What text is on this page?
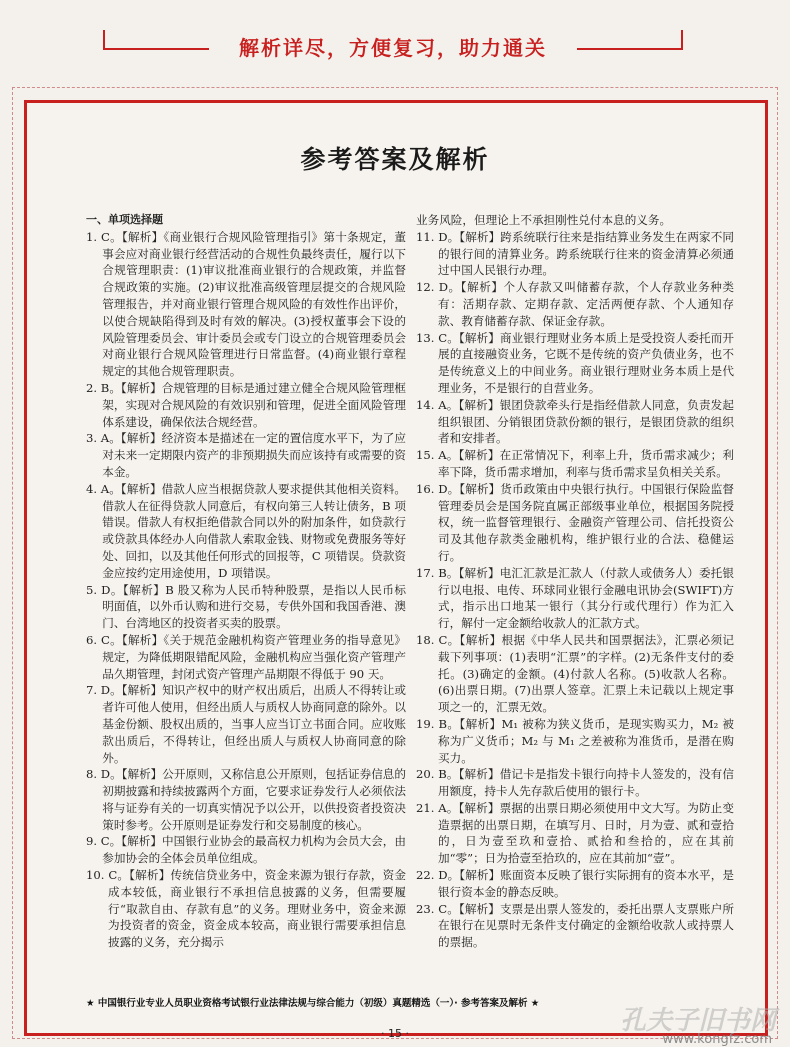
解析详尽，方便复习，助力通关
参考答案及解析
一、单项选择题
1. C。【解析】《商业银行合规风险管理指引》第十条规定，董事会应对商业银行经营活动的合规性负最终责任，履行以下合规管理职责：(1)审议批准商业银行的合规政策，并监督合规政策的实施。(2)审议批准高级管理层提交的合规风险管理报告，并对商业银行管理合规风险的有效性作出评价，以使合规缺陷得到及时有效的解决。(3)授权董事会下设的风险管理委员会、审计委员会或专门设立的合规管理委员会对商业银行合规风险管理进行日常监督。(4)商业银行章程规定的其他合规管理职责。
2. B。【解析】合规管理的目标是通过建立健全合规风险管理框架，实现对合规风险的有效识别和管理，促进全面风险管理体系建设，确保依法合规经营。
3. A。【解析】经济资本是描述在一定的置信度水平下，为了应对未来一定期限内资产的非预期损失而应该持有或需要的资本金。
4. A。【解析】借款人应当根据贷款人要求提供其他相关资料。借款人在征得贷款人同意后，有权向第三人转让债务，B 项错误。借款人有权拒绝借款合同以外的附加条件，如贷款行或贷款具体经办人向借款人索取金钱、财物或免费服务等好处、回扣，以及其他任何形式的回报等，C 项错误。贷款资金应按约定用途使用，D 项错误。
5. D。【解析】B 股又称为人民币特种股票，是指以人民币标明面值，以外币认购和进行交易，专供外国和我国香港、澳门、台湾地区的投资者买卖的股票。
6. C。【解析】《关于规范金融机构资产管理业务的指导意见》规定，为降低期限错配风险，金融机构应当强化资产管理产品久期管理，封闭式资产管理产品期限不得低于 90 天。
7. D。【解析】知识产权中的财产权出质后，出质人不得转让或者许可他人使用，但经出质人与质权人协商同意的除外。以基金份额、股权出质的，当事人应当订立书面合同。应收账款出质后，不得转让，但经出质人与质权人协商同意的除外。
8. D。【解析】公开原则，又称信息公开原则，包括证券信息的初期披露和持续披露两个方面，它要求证券发行人必须依法将与证券有关的一切真实情况予以公开，以供投资者投资决策时参考。公开原则是证券发行和交易制度的核心。
9. C。【解析】中国银行业协会的最高权力机构为会员大会，由参加协会的全体会员单位组成。
10. C。【解析】传统信贷业务中，资金来源为银行存款，资金成本较低，商业银行不承担信息披露的义务，但需要履行“取款自由、存款有息”的义务。理财业务中，资金来源为投资者的资金，资金成本较高，商业银行需要承担信息披露的义务，充分揭示
业务风险，但理论上不承担刚性兑付本息的义务。
11. D。【解析】跨系统联行往来是指结算业务发生在两家不同的银行间的清算业务。跨系统联行往来的资金清算必须通过中国人民银行办理。
12. D。【解析】个人存款又叫储蓄存款，个人存款业务种类有：活期存款、定期存款、定活两便存款、个人通知存款、教育储蓄存款、保证金存款。
13. C。【解析】商业银行理财业务本质上是受投资人委托而开展的直接融资业务，它既不是传统的资产负债业务，也不是传统意义上的中间业务。商业银行理财业务本质上是代理业务，不是银行的自营业务。
14. A。【解析】银团贷款牵头行是指经借款人同意，负责发起组织银团、分销银团贷款份额的银行，是银团贷款的组织者和安排者。
15. A。【解析】在正常情况下，利率上升，货币需求减少；利率下降，货币需求增加，利率与货币需求呈负相关关系。
16. D。【解析】货币政策由中央银行执行。中国银行保险监督管理委员会是国务院直属正部级事业单位，根据国务院授权，统一监督管理银行、金融资产管理公司、信托投资公司及其他存款类金融机构，维护银行业的合法、稳健运行。
17. B。【解析】电汇汇款是汇款人（付款人或债务人）委托银行以电报、电传、环球同业银行金融电讯协会(SWIFT)方式，指示出口地某一银行（其分行或代理行）作为汇入行，解付一定金额给收款人的汇款方式。
18. C。【解析】根据《中华人民共和国票据法》，汇票必须记载下列事项：(1)表明“汇票”的字样。(2)无条件支付的委托。(3)确定的金额。(4)付款人名称。(5)收款人名称。(6)出票日期。(7)出票人签章。汇票上未记载以上规定事项之一的，汇票无效。
19. B。【解析】M₁ 被称为狭义货币，是现实购买力，M₂ 被称为广义货币；M₂ 与 M₁ 之差被称为准货币，是潜在购买力。
20. B。【解析】借记卡是指发卡银行向持卡人签发的，没有信用额度，持卡人先存款后使用的银行卡。
21. A。【解析】票据的出票日期必须使用中文大写。为防止变造票据的出票日期，在填写月、日时，月为壹、贰和壹拾的，日为壹至玖和壹拾、贰拾和叁拾的，应在其前加“零”；日为拾壹至拾玖的，应在其前加“壹”。
22. D。【解析】账面资本反映了银行实际拥有的资本水平，是银行资本金的静态反映。
23. C。【解析】支票是出票人签发的，委托出票人支票账户所在银行在见票时无条件支付确定的金额给收款人或持票人的票据。
★ 中国银行业专业人员职业资格考试银行业法律法规与综合能力（初级）真题精选（一）· 参考答案及解析 ★
· 15 ·	孔夫子旧书网
www.kongfz.com
